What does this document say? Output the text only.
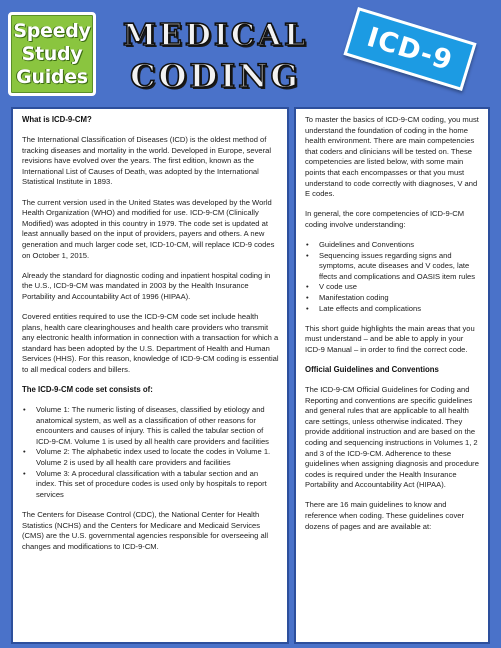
Speedy
Study
Guides
MEDICAL
CODING	ICD-9
What is ICD-9-CM?

The International Classification of Diseases (ICD) is the oldest method of tracking diseases and mortality in the world. Developed in Europe, several revisions have evolved over the years. The first edition, known as the International List of Causes of Death, was adopted by the International Statistical Institute in 1893.

The current version used in the United States was developed by the World Health Organization (WHO) and modified for use. ICD-9-CM (Clinically Modified) was adopted in this country in 1979. The code set is updated at least annually based on the input of providers, payers and others. A new generation and much larger code set, ICD-10-CM, will replace ICD-9 codes on October 1, 2015.

Already the standard for diagnostic coding and inpatient hospital coding in the U.S., ICD-9-CM was mandated in 2003 by the Health Insurance Portability and Accountability Act of 1996 (HIPAA).

Covered entities required to use the ICD-9-CM code set include health plans, health care clearinghouses and health care providers who transmit any electronic health information in connection with a transaction for which a standard has been adopted by the U.S. Department of Health and Human Services (HHS). For this reason, knowledge of ICD-9-CM coding is essential to all medical coders and billers.

The ICD-9-CM code set consists of:
• Volume 1: The numeric listing of diseases, classified by etiology and anatomical system, as well as a classification of other reasons for encounters and causes of injury. This is called the tabular section of ICD-9-CM. Volume 1 is used by all health care providers and facilities
• Volume 2: The alphabetic index used to locate the codes in Volume 1. Volume 2 is used by all health care providers and facilities
• Volume 3: A procedural classification with a tabular section and an index. This set of procedure codes is used only by hospitals to report services

The Centers for Disease Control (CDC), the National Center for Health Statistics (NCHS) and the Centers for Medicare and Medicaid Services (CMS) are the U.S. governmental agencies responsible for overseeing all changes and modifications to ICD-9-CM.

To master the basics of ICD-9-CM coding, you must understand the foundation of coding in the home health environment. There are main competencies that coders and clinicians will be tested on. These competencies are listed below, with some main points that each encompasses or that you must understand to code correctly with diagnoses, V and E codes.

In general, the core competencies of ICD-9-CM coding involve understanding:

• Guidelines and Conventions
• Sequencing issues regarding signs and symptoms, acute diseases and V codes, late ffects and complications and OASIS item rules
• V code use
• Manifestation coding
• Late effects and complications

This short guide highlights the main areas that you must understand – and be able to apply in your ICD-9 Manual – in order to find the correct code.

Official Guidelines and Conventions

The ICD-9-CM Official Guidelines for Coding and Reporting and conventions are specific guidelines and general rules that are applicable to all health care settings, unless otherwise indicated. They provide additional instruction and are based on the coding and sequencing instructions in Volumes 1, 2 and 3 of the ICD-9-CM. Adherence to these guidelines when assigning diagnosis and procedure codes is required under the Health Insurance Portability and Accountability Act (HIPAA).

There are 16 main guidelines to know and reference when coding. These guidelines cover dozens of pages and are available at:
